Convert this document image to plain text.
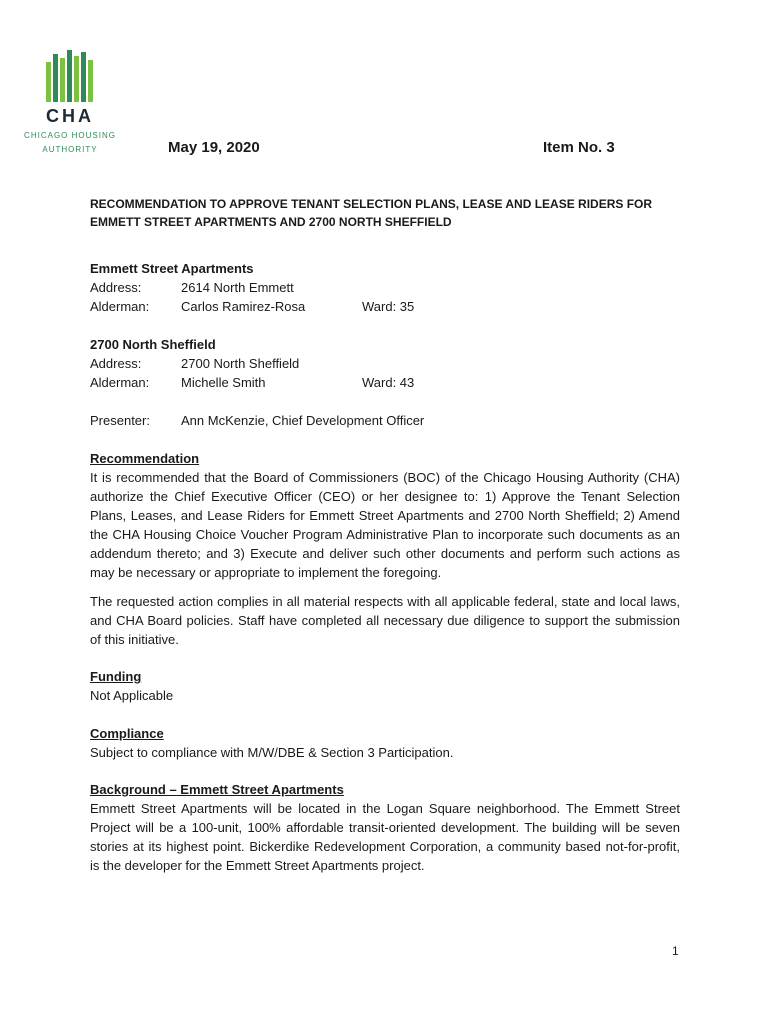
CHA
CHICAGO HOUSING
AUTHORITY	May 19, 2020	Item No. 3
RECOMMENDATION TO APPROVE TENANT SELECTION PLANS, LEASE AND LEASE RIDERS FOR EMMETT STREET APARTMENTS AND 2700 NORTH SHEFFIELD
Emmett Street Apartments
Address:	2614 North Emmett
Alderman: Carlos Ramirez-Rosa	Ward: 35
2700 North Sheffield
Address:	2700 North Sheffield
Alderman: Michelle Smith	Ward: 43
Presenter: Ann McKenzie, Chief Development Officer
Recommendation
It is recommended that the Board of Commissioners (BOC) of the Chicago Housing Authority (CHA) authorize the Chief Executive Officer (CEO) or her designee to: 1) Approve the Tenant Selection Plans, Leases, and Lease Riders for Emmett Street Apartments and 2700 North Sheffield; 2) Amend the CHA Housing Choice Voucher Program Administrative Plan to incorporate such documents as an addendum thereto; and 3) Execute and deliver such other documents and perform such actions as may be necessary or appropriate to implement the foregoing.
The requested action complies in all material respects with all applicable federal, state and local laws, and CHA Board policies. Staff have completed all necessary due diligence to support the submission of this initiative.
Funding
Not Applicable
Compliance
Subject to compliance with M/W/DBE & Section 3 Participation.
Background – Emmett Street Apartments
Emmett Street Apartments will be located in the Logan Square neighborhood. The Emmett Street Project will be a 100-unit, 100% affordable transit-oriented development. The building will be seven stories at its highest point. Bickerdike Redevelopment Corporation, a community based not-for-profit, is the developer for the Emmett Street Apartments project.
1
